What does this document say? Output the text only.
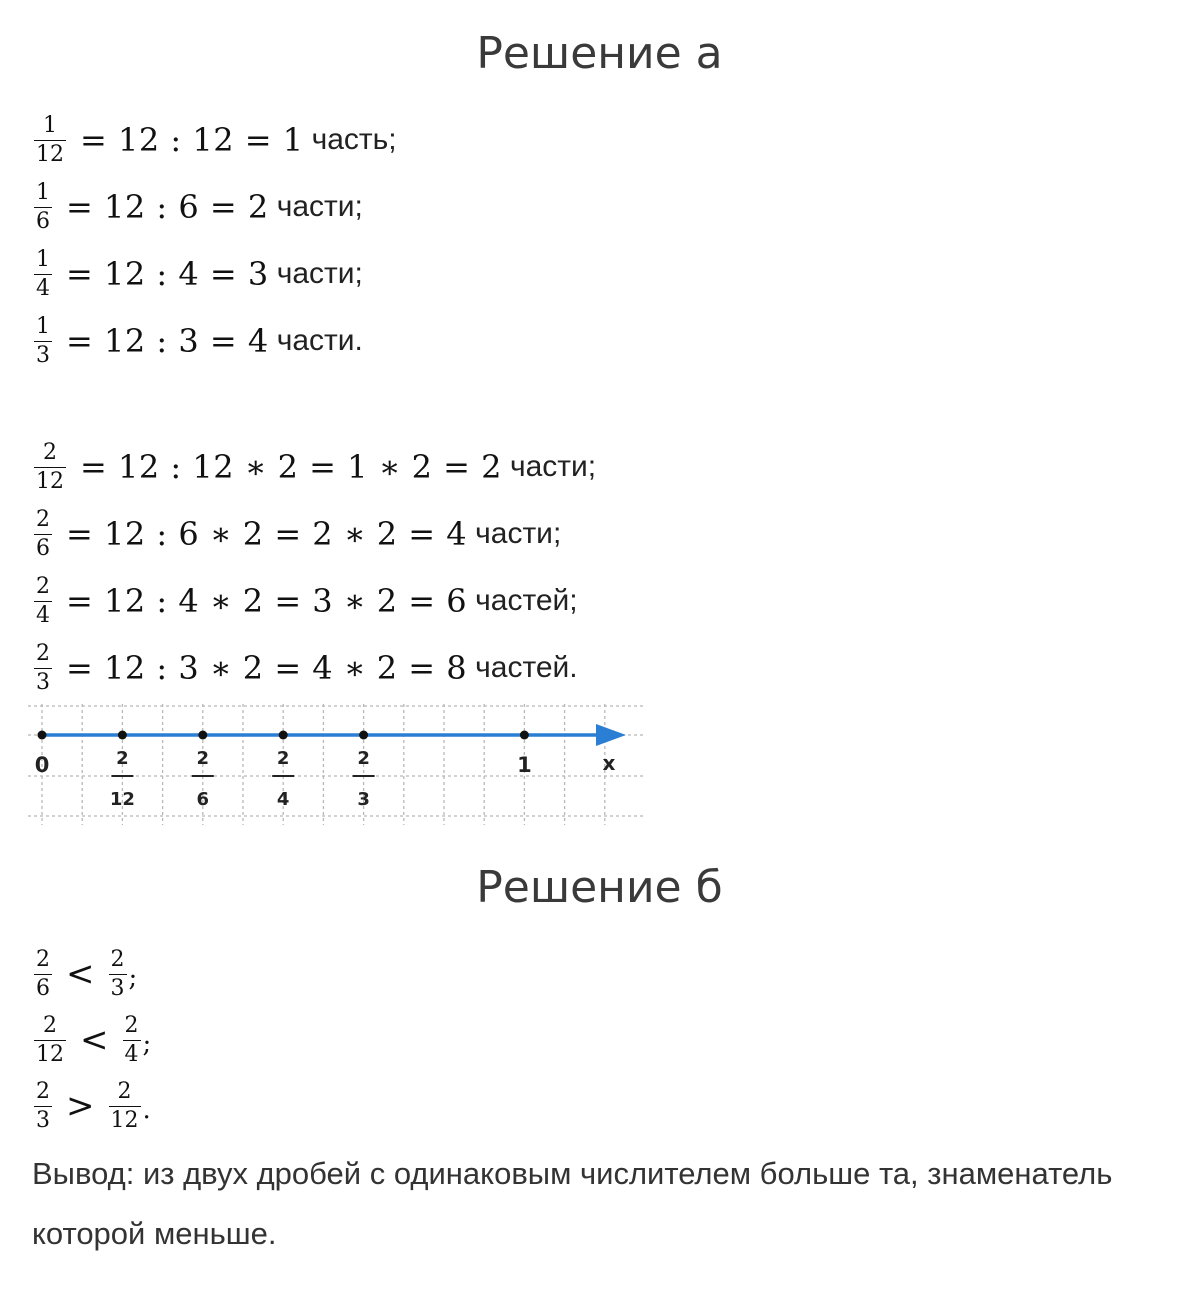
Решение а
$\frac{1}{12} = 12$ : 12 = 1 часть;
$\frac{1}{6} = 12$ : 6 = 2 части;
$\frac{1}{4} = 12$ : 4 = 3 части;
$\frac{1}{3} = 12$ : 3 = 4 части.
$\frac{2}{12} = 12$ : 12 ∗ 2 = 1 ∗ 2 = 2 части;
$\frac{2}{6} = 12$ : 6 ∗ 2 = 2 ∗ 2 = 4 части;
$\frac{2}{4} = 12$ : 4 ∗ 2 = 3 ∗ 2 = 6 частей;
$\frac{2}{3} = 12$ : 3 ∗ 2 = 4 ∗ 2 = 8 частей.
x
0	2
12
2
6
2
4
2
3
1
Решение б
$\frac{2}{6} < \frac{2}{3}$ ;
$\frac{2}{12} < \frac{2}{4}$ ;
$\frac{2}{3} > \frac{2}{12}$ .
Вывод: из двух дробей с одинаковым числителем больше та, знаменатель которой меньше.
